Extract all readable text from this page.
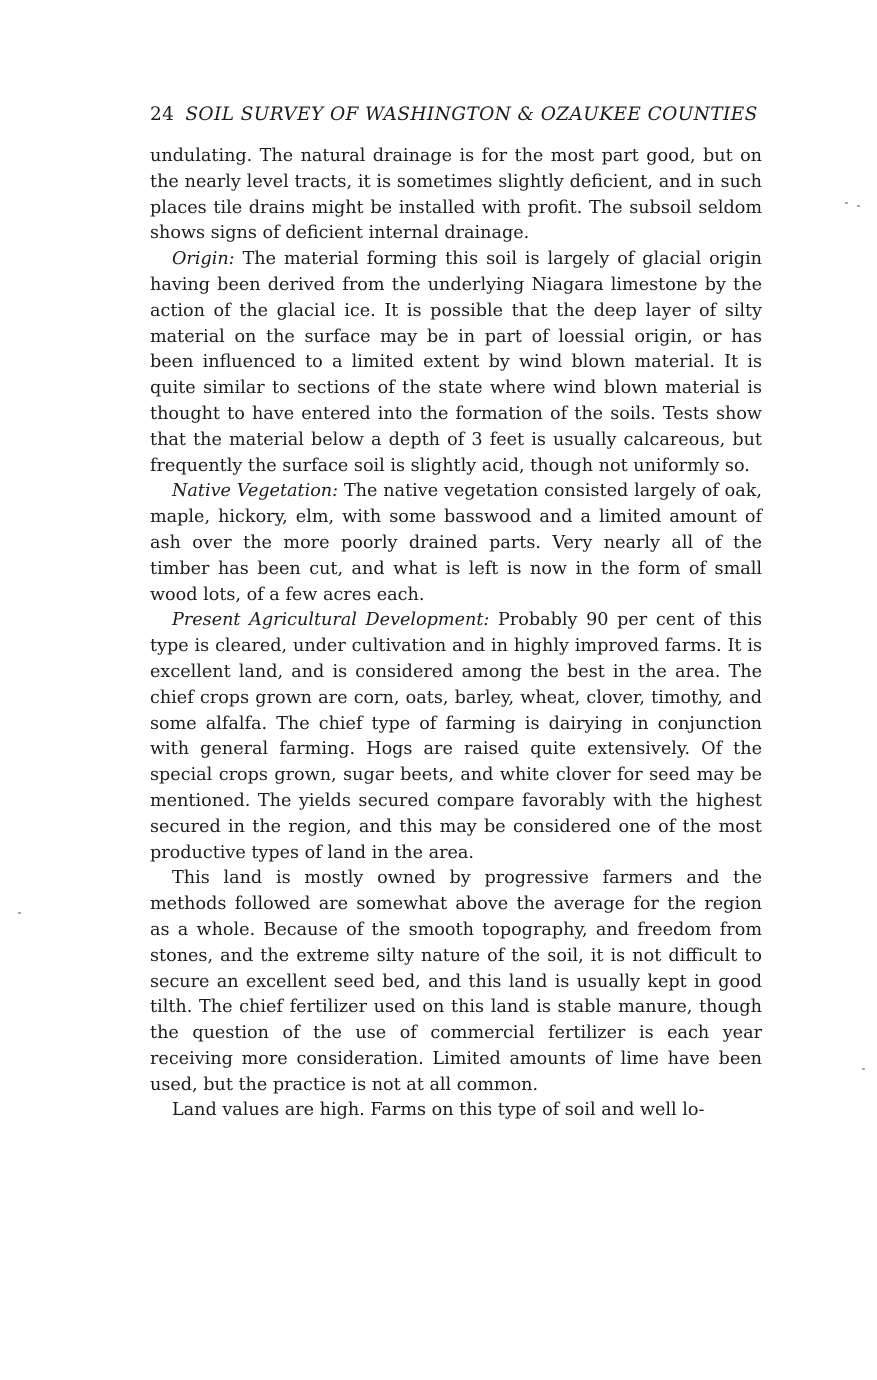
24 SOIL SURVEY OF WASHINGTON & OZAUKEE COUNTIES

undulating. The natural drainage is for the most part good, but on the nearly level tracts, it is sometimes slightly deficient, and in such places tile drains might be installed with profit. The subsoil seldom shows signs of deficient internal drainage.

Origin: The material forming this soil is largely of glacial origin having been derived from the underlying Niagara limestone by the action of the glacial ice. It is possible that the deep layer of silty material on the surface may be in part of loessial origin, or has been influenced to a limited extent by wind blown material. It is quite similar to sections of the state where wind blown material is thought to have entered into the formation of the soils. Tests show that the material below a depth of 3 feet is usually calcareous, but frequently the surface soil is slightly acid, though not uniformly so.

Native Vegetation: The native vegetation consisted largely of oak, maple, hickory, elm, with some basswood and a limited amount of ash over the more poorly drained parts. Very nearly all of the timber has been cut, and what is left is now in the form of small wood lots, of a few acres each.

Present Agricultural Development: Probably 90 per cent of this type is cleared, under cultivation and in highly improved farms. It is excellent land, and is considered among the best in the area. The chief crops grown are corn, oats, barley, wheat, clover, timothy, and some alfalfa. The chief type of farming is dairying in conjunction with general farming. Hogs are raised quite extensively. Of the special crops grown, sugar beets, and white clover for seed may be mentioned. The yields secured compare favorably with the highest secured in the region, and this may be considered one of the most productive types of land in the area.

This land is mostly owned by progressive farmers and the methods followed are somewhat above the average for the region as a whole. Because of the smooth topography, and freedom from stones, and the extreme silty nature of the soil, it is not difficult to secure an excellent seed bed, and this land is usually kept in good tilth. The chief fertilizer used on this land is stable manure, though the question of the use of commercial fertilizer is each year receiving more consideration. Limited amounts of lime have been used, but the practice is not at all common.

Land values are high. Farms on this type of soil and well lo-
